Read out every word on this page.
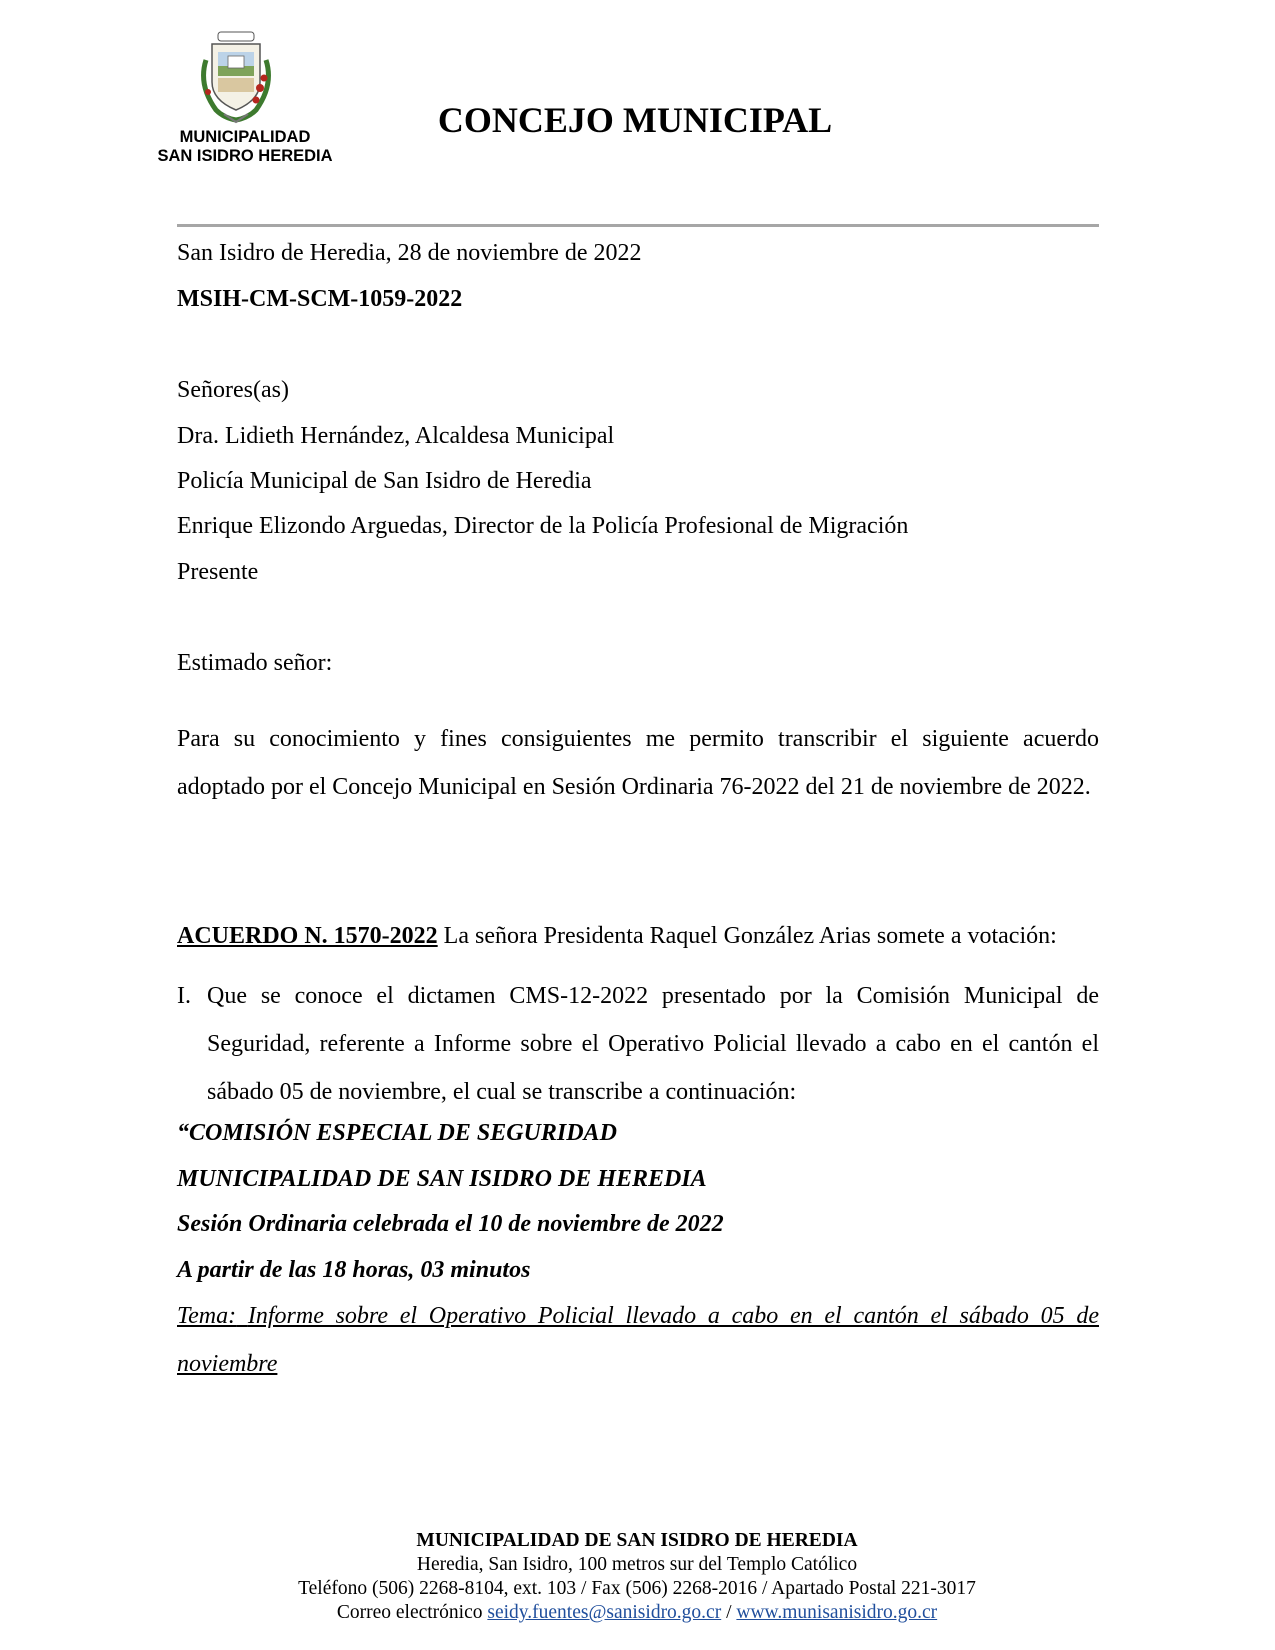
MUNICIPALIDAD
SAN ISIDRO HEREDIA
CONCEJO MUNICIPAL
San Isidro de Heredia, 28 de noviembre de 2022
MSIH-CM-SCM-1059-2022
Señores(as)
Dra. Lidieth Hernández, Alcaldesa Municipal
Policía Municipal de San Isidro de Heredia
Enrique Elizondo Arguedas, Director de la Policía Profesional de Migración
Presente
Estimado señor:
Para su conocimiento y fines consiguientes me permito transcribir el siguiente acuerdo adoptado por el Concejo Municipal en Sesión Ordinaria 76-2022 del 21 de noviembre de 2022.
ACUERDO N. 1570-2022 La señora Presidenta Raquel González Arias somete a votación:
I. Que se conoce el dictamen CMS-12-2022 presentado por la Comisión Municipal de Seguridad, referente a Informe sobre el Operativo Policial llevado a cabo en el cantón el sábado 05 de noviembre, el cual se transcribe a continuación:
“COMISIÓN ESPECIAL DE SEGURIDAD
MUNICIPALIDAD DE SAN ISIDRO DE HEREDIA
Sesión Ordinaria celebrada el 10 de noviembre de 2022
A partir de las 18 horas, 03 minutos
Tema: Informe sobre el Operativo Policial llevado a cabo en el cantón el sábado 05 de noviembre
MUNICIPALIDAD DE SAN ISIDRO DE HEREDIA
Heredia, San Isidro, 100 metros sur del Templo Católico
Teléfono (506) 2268-8104, ext. 103 / Fax (506) 2268-2016 / Apartado Postal 221-3017
Correo electrónico seidy.fuentes@sanisidro.go.cr / www.munisanisidro.go.cr
